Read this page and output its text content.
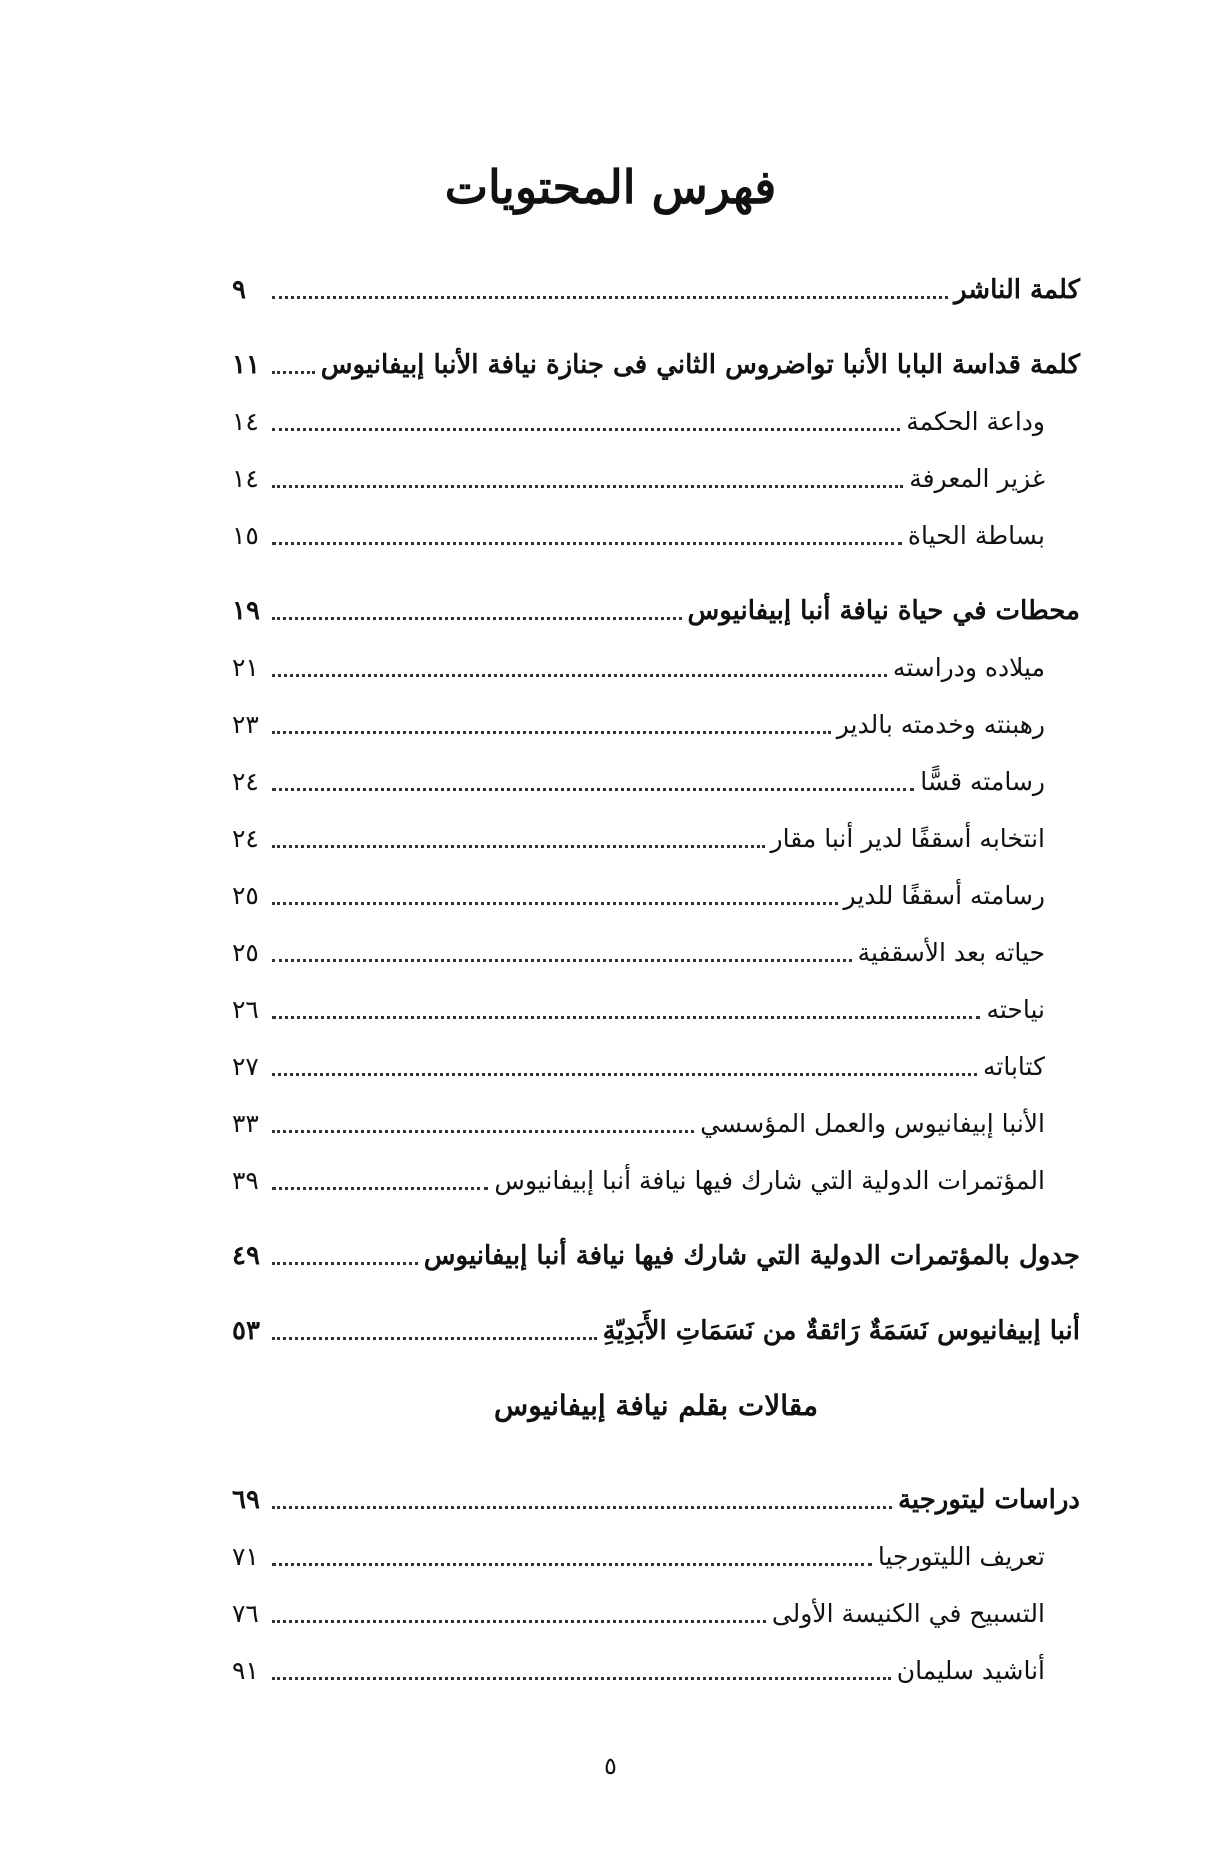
فهرس المحتويات
كلمة الناشر
٩
كلمة قداسة البابا الأنبا تواضروس الثاني فى جنازة نيافة الأنبا إبيفانيوس
١١
وداعة الحكمة
١٤
غزير المعرفة
١٤
بساطة الحياة
١٥
محطات في حياة نيافة أنبا إبيفانيوس
١٩
ميلاده ودراسته
٢١
رهبنته وخدمته بالدير
٢٣
رسامته قسًّا
٢٤
انتخابه أسقفًا لدير أنبا مقار
٢٤
رسامته أسقفًا للدير
٢٥
حياته بعد الأسقفية
٢٥
نياحته
٢٦
كتاباته
٢٧
الأنبا إبيفانيوس والعمل المؤسسي
٣٣
المؤتمرات الدولية التي شارك فيها نيافة أنبا إبيفانيوس
٣٩
جدول بالمؤتمرات الدولية التي شارك فيها نيافة أنبا إبيفانيوس
٤٩
أنبا إبيفانيوس نَسَمَةٌ رَائقةٌ من نَسَمَاتِ الأَبَدِيّةِ
٥٣
مقالات بقلم نيافة إبيفانيوس
دراسات ليتورجية
٦٩
تعريف الليتورجيا
٧١
التسبيح في الكنيسة الأولى
٧٦
أناشيد سليمان
٩١
٥
